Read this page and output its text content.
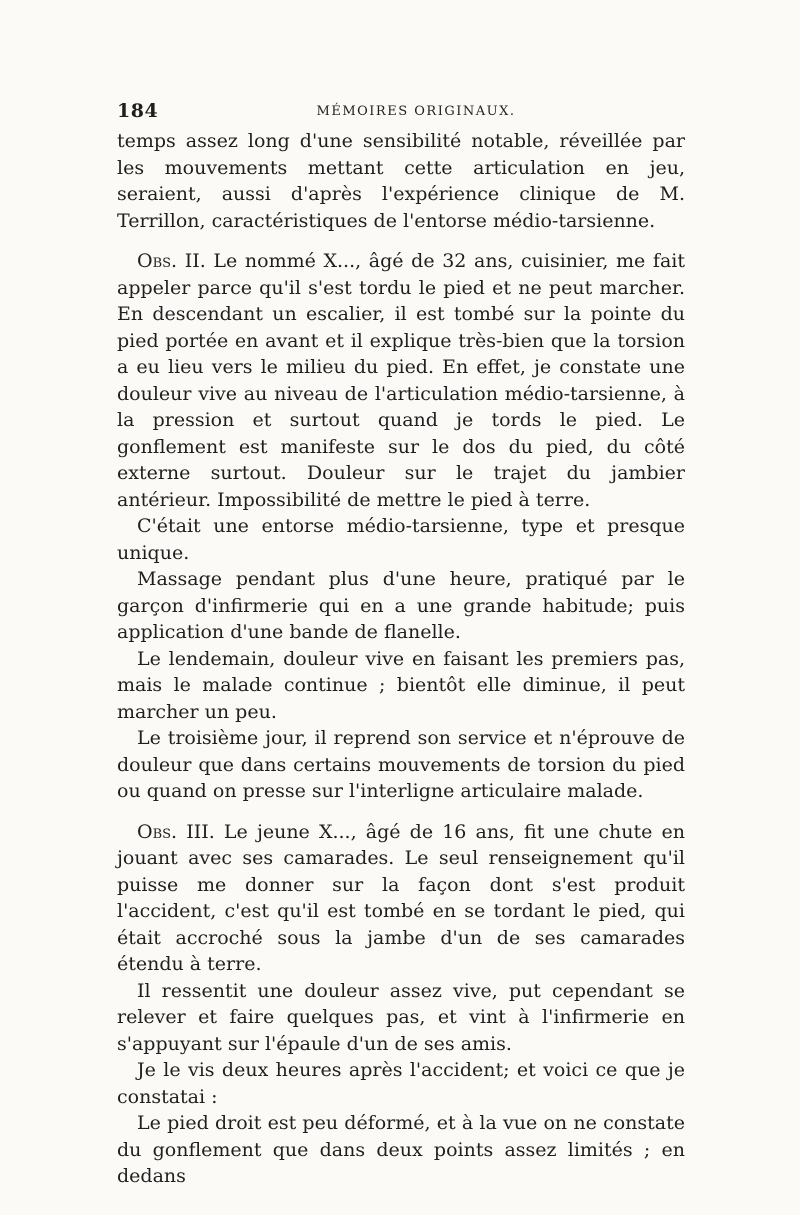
184	MÉMOIRES ORIGINAUX.

temps assez long d'une sensibilité notable, réveillée par les mouvements mettant cette articulation en jeu, seraient, aussi d'après l'expérience clinique de M. Terrillon, caractéristiques de l'entorse médio-tarsienne.

Obs. II. Le nommé X..., âgé de 32 ans, cuisinier, me fait appeler parce qu'il s'est tordu le pied et ne peut marcher. En descendant un escalier, il est tombé sur la pointe du pied portée en avant et il explique très-bien que la torsion a eu lieu vers le milieu du pied. En effet, je constate une douleur vive au niveau de l'articulation médio-tarsienne, à la pression et surtout quand je tords le pied. Le gonflement est manifeste sur le dos du pied, du côté externe surtout. Douleur sur le trajet du jambier antérieur. Impossibilité de mettre le pied à terre.

C'était une entorse médio-tarsienne, type et presque unique.

Massage pendant plus d'une heure, pratiqué par le garçon d'infirmerie qui en a une grande habitude; puis application d'une bande de flanelle.

Le lendemain, douleur vive en faisant les premiers pas, mais le malade continue ; bientôt elle diminue, il peut marcher un peu.

Le troisième jour, il reprend son service et n'éprouve de douleur que dans certains mouvements de torsion du pied ou quand on presse sur l'interligne articulaire malade.

Obs. III. Le jeune X..., âgé de 16 ans, fit une chute en jouant avec ses camarades. Le seul renseignement qu'il puisse me donner sur la façon dont s'est produit l'accident, c'est qu'il est tombé en se tordant le pied, qui était accroché sous la jambe d'un de ses camarades étendu à terre.

Il ressentit une douleur assez vive, put cependant se relever et faire quelques pas, et vint à l'infirmerie en s'appuyant sur l'épaule d'un de ses amis.

Je le vis deux heures après l'accident; et voici ce que je constatai :

Le pied droit est peu déformé, et à la vue on ne constate du gonflement que dans deux points assez limités ; en dedans
